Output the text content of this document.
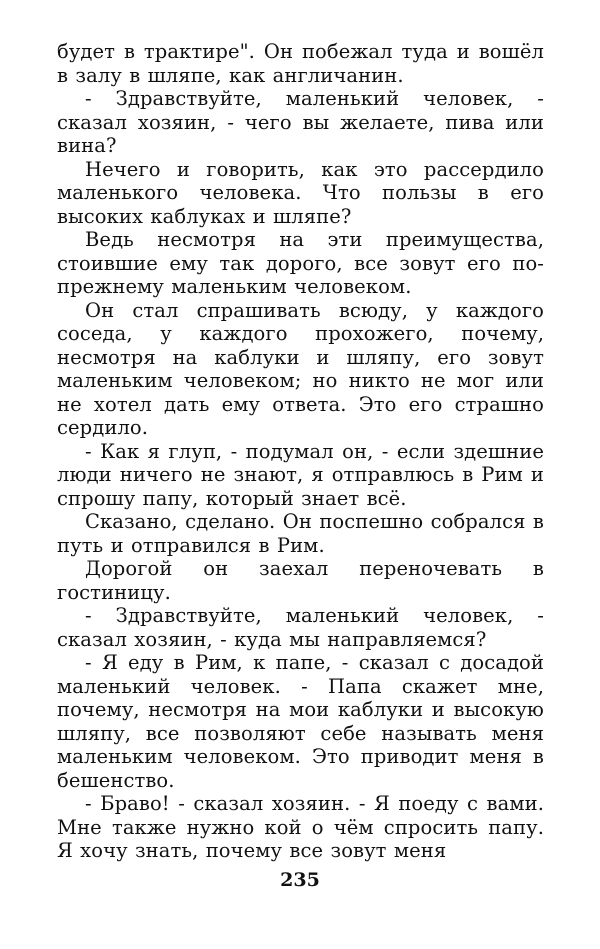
будет в трактире". Он побежал туда и вошёл в залу в шляпе, как англичанин.

- Здравствуйте, маленький человек, - сказал хозяин, - чего вы желаете, пива или вина?

Нечего и говорить, как это рассердило маленького человека. Что пользы в его высоких каблуках и шляпе?

Ведь несмотря на эти преимущества, стоившие ему так дорого, все зовут его по-прежнему маленьким человеком.

Он стал спрашивать всюду, у каждого соседа, у каждого прохожего, почему, несмотря на каблуки и шляпу, его зовут маленьким человеком; но никто не мог или не хотел дать ему ответа. Это его страшно сердило.

- Как я глуп, - подумал он, - если здешние люди ничего не знают, я отправлюсь в Рим и спрошу папу, который знает всё.

Сказано, сделано. Он поспешно собрался в путь и отправился в Рим.

Дорогой он заехал переночевать в гостиницу.

- Здравствуйте, маленький человек, - сказал хозяин, - куда мы направляемся?

- Я еду в Рим, к папе, - сказал с досадой маленький человек. - Папа скажет мне, почему, несмотря на мои каблуки и высокую шляпу, все позволяют себе называть меня маленьким человеком. Это приводит меня в бешенство.

- Браво! - сказал хозяин. - Я поеду с вами. Мне также нужно кой о чём спросить папу. Я хочу знать, почему все зовут меня

235
